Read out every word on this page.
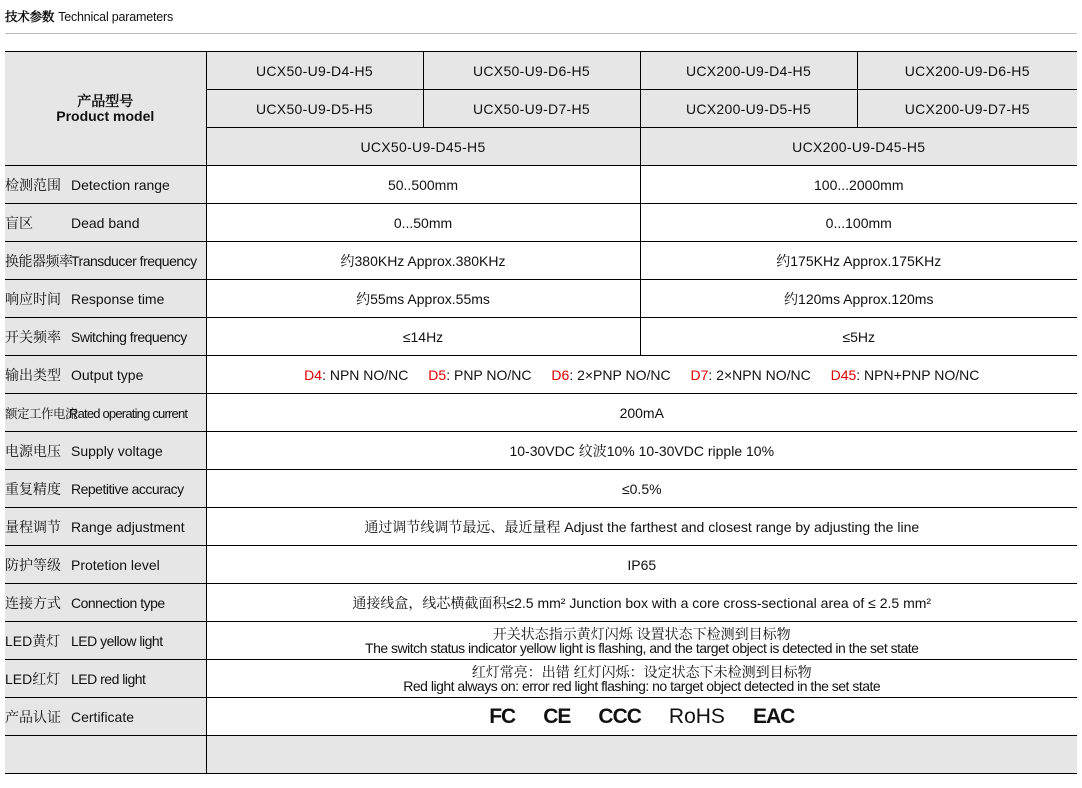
技术参数 Technical parameters
产品型号
Product model	UCX50-U9-D4-H5	UCX50-U9-D6-H5	UCX200-U9-D4-H5	UCX200-U9-D6-H5
	UCX50-U9-D5-H5	UCX50-U9-D7-H5	UCX200-U9-D5-H5	UCX200-U9-D7-H5
	UCX50-U9-D45-H5		UCX200-U9-D45-H5	
检测范围 Detection range	50..500mm		100...2000mm	
盲区 Dead band	0...50mm		0...100mm	
换能器频率Transducer frequency	约380KHz Approx.380KHz		约175KHz Approx.175KHz	
响应时间 Response time	约55ms Approx.55ms		约120ms Approx.120ms	
开关频率 Switching frequency	≤14Hz		≤5Hz	
输出类型 Output type	D4: NPN NO/NC D5: PNP NO/NC D6: 2×PNP NO/NC D7: 2×NPN NO/NC D45: NPN+PNP NO/NC			
额定工作电流Rated operating current	200mA			
电源电压 Supply voltage	10-30VDC 纹波10% 10-30VDC ripple 10%			
重复精度 Repetitive accuracy	≤0.5%			
量程调节 Range adjustment	通过调节线调节最远、最近量程 Adjust the farthest and closest range by adjusting the line			
防护等级 Protetion level	IP65			
连接方式 Connection type	通接线盒，线芯横截面积≤2.5 mm² Junction box with a core cross-sectional area of ≤ 2.5 mm²			
LED黄灯 LED yellow light	开关状态指示黄灯闪烁 设置状态下检测到目标物
The switch status indicator yellow light is flashing, and the target object is detected in the set state			
LED红灯 LED red light	红灯常亮：出错 红灯闪烁：设定状态下未检测到目标物
Red light always on: error red light flashing: no target object detected in the set state			
产品认证 Certificate	FC CE CCC RoHS EAC			
